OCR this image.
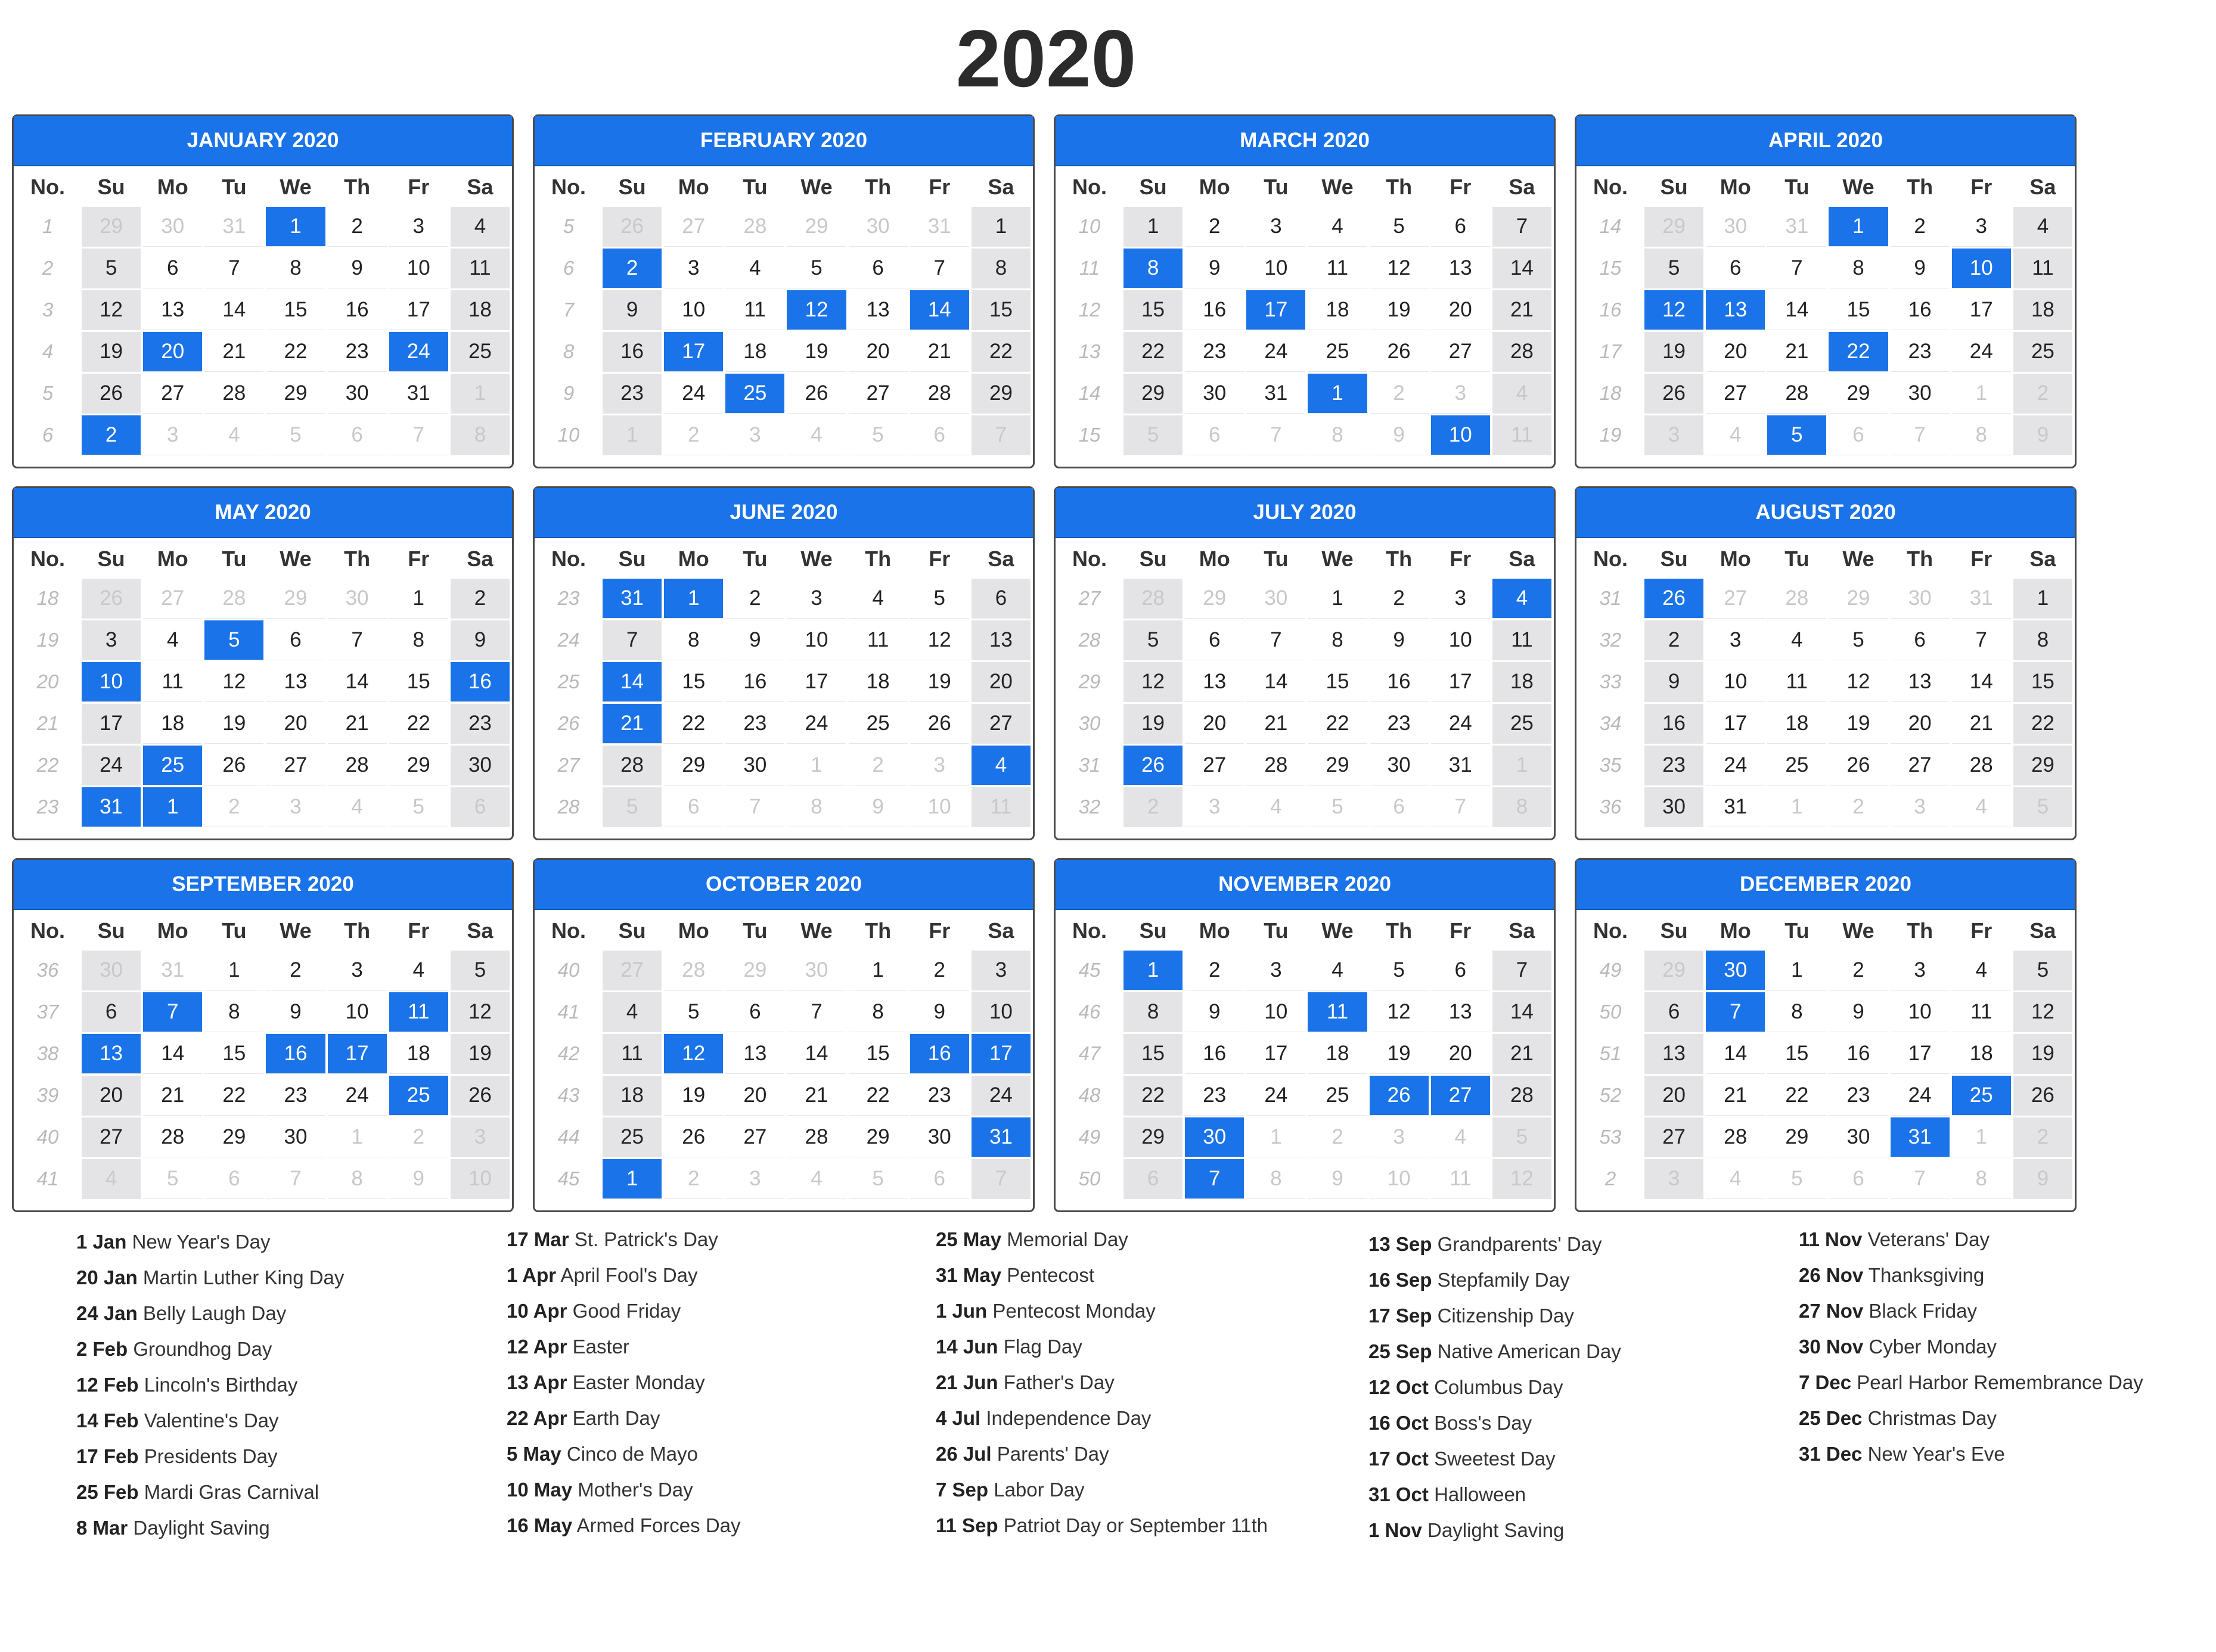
2020
JANUARY 2020
No.	Su	Mo	Tu	We	Th	Fr	Sa
1	29	30	31	1	2	3	4
2	5	6	7	8	9	10	11
3	12	13	14	15	16	17	18
4	19	20	21	22	23	24	25
5	26	27	28	29	30	31	1
6	2	3	4	5	6	7	8
FEBRUARY 2020
No.	Su	Mo	Tu	We	Th	Fr	Sa
5	26	27	28	29	30	31	1
6	2	3	4	5	6	7	8
7	9	10	11	12	13	14	15
8	16	17	18	19	20	21	22
9	23	24	25	26	27	28	29
10	1	2	3	4	5	6	7
MARCH 2020
No.	Su	Mo	Tu	We	Th	Fr	Sa
10	1	2	3	4	5	6	7
11	8	9	10	11	12	13	14
12	15	16	17	18	19	20	21
13	22	23	24	25	26	27	28
14	29	30	31	1	2	3	4
15	5	6	7	8	9	10	11
APRIL 2020
No.	Su	Mo	Tu	We	Th	Fr	Sa
14	29	30	31	1	2	3	4
15	5	6	7	8	9	10	11
16	12	13	14	15	16	17	18
17	19	20	21	22	23	24	25
18	26	27	28	29	30	1	2
19	3	4	5	6	7	8	9
MAY 2020
No.	Su	Mo	Tu	We	Th	Fr	Sa
18	26	27	28	29	30	1	2
19	3	4	5	6	7	8	9
20	10	11	12	13	14	15	16
21	17	18	19	20	21	22	23
22	24	25	26	27	28	29	30
23	31	1	2	3	4	5	6
JUNE 2020
No.	Su	Mo	Tu	We	Th	Fr	Sa
23	31	1	2	3	4	5	6
24	7	8	9	10	11	12	13
25	14	15	16	17	18	19	20
26	21	22	23	24	25	26	27
27	28	29	30	1	2	3	4
28	5	6	7	8	9	10	11
JULY 2020
No.	Su	Mo	Tu	We	Th	Fr	Sa
27	28	29	30	1	2	3	4
28	5	6	7	8	9	10	11
29	12	13	14	15	16	17	18
30	19	20	21	22	23	24	25
31	26	27	28	29	30	31	1
32	2	3	4	5	6	7	8
AUGUST 2020
No.	Su	Mo	Tu	We	Th	Fr	Sa
31	26	27	28	29	30	31	1
32	2	3	4	5	6	7	8
33	9	10	11	12	13	14	15
34	16	17	18	19	20	21	22
35	23	24	25	26	27	28	29
36	30	31	1	2	3	4	5
SEPTEMBER 2020
No.	Su	Mo	Tu	We	Th	Fr	Sa
36	30	31	1	2	3	4	5
37	6	7	8	9	10	11	12
38	13	14	15	16	17	18	19
39	20	21	22	23	24	25	26
40	27	28	29	30	1	2	3
41	4	5	6	7	8	9	10
OCTOBER 2020
No.	Su	Mo	Tu	We	Th	Fr	Sa
40	27	28	29	30	1	2	3
41	4	5	6	7	8	9	10
42	11	12	13	14	15	16	17
43	18	19	20	21	22	23	24
44	25	26	27	28	29	30	31
45	1	2	3	4	5	6	7
NOVEMBER 2020
No.	Su	Mo	Tu	We	Th	Fr	Sa
45	1	2	3	4	5	6	7
46	8	9	10	11	12	13	14
47	15	16	17	18	19	20	21
48	22	23	24	25	26	27	28
49	29	30	1	2	3	4	5
50	6	7	8	9	10	11	12
DECEMBER 2020
No.	Su	Mo	Tu	We	Th	Fr	Sa
49	29	30	1	2	3	4	5
50	6	7	8	9	10	11	12
51	13	14	15	16	17	18	19
52	20	21	22	23	24	25	26
53	27	28	29	30	31	1	2
2	3	4	5	6	7	8	9
1 Jan New Year's Day
20 Jan Martin Luther King Day
24 Jan Belly Laugh Day
2 Feb Groundhog Day
12 Feb Lincoln's Birthday
14 Feb Valentine's Day
17 Feb Presidents Day
25 Feb Mardi Gras Carnival
8 Mar Daylight Saving
17 Mar St. Patrick's Day
1 Apr April Fool's Day
10 Apr Good Friday
12 Apr Easter
13 Apr Easter Monday
22 Apr Earth Day
5 May Cinco de Mayo
10 May Mother's Day
16 May Armed Forces Day
25 May Memorial Day
31 May Pentecost
1 Jun Pentecost Monday
14 Jun Flag Day
21 Jun Father's Day
4 Jul Independence Day
26 Jul Parents' Day
7 Sep Labor Day
11 Sep Patriot Day or September 11th
13 Sep Grandparents' Day
16 Sep Stepfamily Day
17 Sep Citizenship Day
25 Sep Native American Day
12 Oct Columbus Day
16 Oct Boss's Day
17 Oct Sweetest Day
31 Oct Halloween
1 Nov Daylight Saving
11 Nov Veterans' Day
26 Nov Thanksgiving
27 Nov Black Friday
30 Nov Cyber Monday
7 Dec Pearl Harbor Remembrance Day
25 Dec Christmas Day
31 Dec New Year's Eve
